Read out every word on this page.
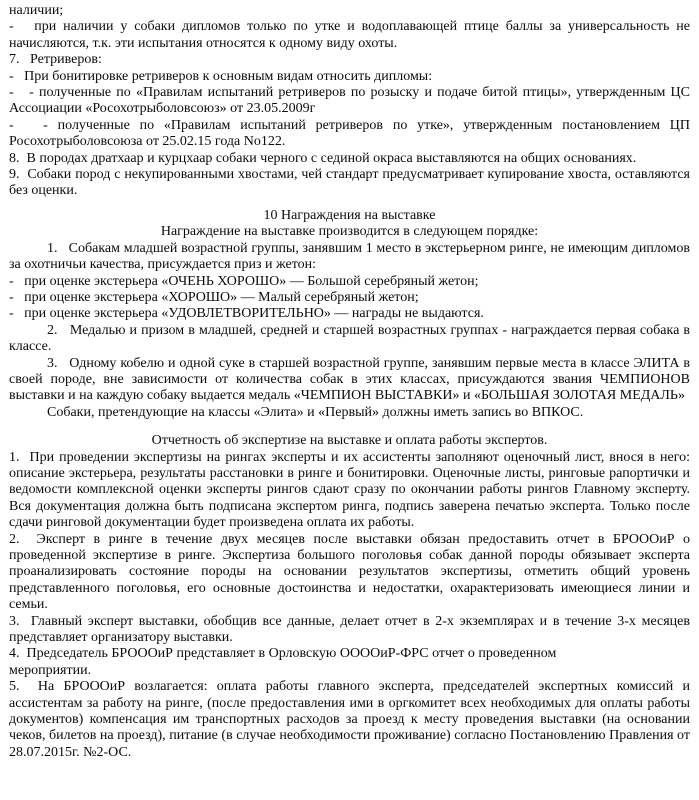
наличии;
-   при наличии у собаки дипломов только по утке и водоплавающей птице баллы за универсальность не начисляются, т.к. эти испытания относятся к одному виду охоты.
7.   Ретриверов:
-   При бонитировке ретриверов к основным видам относить дипломы:
-   - полученные по «Правилам испытаний ретриверов по розыску и подаче битой птицы», утвержденным ЦС Ассоциации «Росохотрыболовсоюз» от 23.05.2009г
-   - полученные по «Правилам испытаний ретриверов по утке», утвержденным постановлением ЦП Росохотрыболовсоюза от 25.02.15 года No122.
8.  В породах дратхаар и курцхаар собаки черного с сединой окраса выставляются на общих основаниях.
9.  Собаки пород с некупированными хвостами, чей стандарт предусматривает купирование хвоста, оставляются без оценки.
10 Награждения на выставке
Награждение на выставке производится в следующем порядке:
1.   Собакам младшей возрастной группы, занявшим 1 место в экстерьерном ринге, не имеющим дипломов за охотничьи качества, присуждается приз и жетон:
-   при оценке экстерьера «ОЧЕНЬ ХОРОШО» — Большой серебряный жетон;
-   при оценке экстерьера «ХОРОШО» — Малый серебряный жетон;
-   при оценке экстерьера «УДОВЛЕТВОРИТЕЛЬНО» — награды не выдаются.
2.   Медалью и призом в младшей, средней и старшей возрастных группах - награждается первая собака в классе.
3.   Одному кобелю и одной суке в старшей возрастной группе, занявшим первые места в классе ЭЛИТА в своей породе, вне зависимости от количества собак в этих классах, присуждаются звания ЧЕМПИОНОВ выставки и на каждую собаку выдается медаль «ЧЕМПИОН ВЫСТАВКИ» и «БОЛЬШАЯ ЗОЛОТАЯ МЕДАЛЬ»
Собаки, претендующие на классы «Элита» и «Первый» должны иметь запись во ВПКОС.
Отчетность об экспертизе на выставке и оплата работы экспертов.
1.  При проведении экспертизы на рингах эксперты и их ассистенты заполняют оценочный лист, внося в него: описание экстерьера, результаты расстановки в ринге и бонитировки. Оценочные листы, ринговые рапортички и ведомости комплексной оценки эксперты рингов сдают сразу по окончании работы рингов Главному эксперту. Вся документация должна быть подписана экспертом ринга, подпись заверена печатью эксперта. Только после сдачи ринговой документации будет произведена оплата их работы.
2.  Эксперт в ринге в течение двух месяцев после выставки обязан предоставить отчет в БРОООиР о проведенной экспертизе в ринге. Экспертиза большого поголовья собак данной породы обязывает эксперта проанализировать состояние породы на основании результатов экспертизы, отметить общий уровень представленного поголовья, его основные достоинства и недостатки, охарактеризовать имеющиеся линии и семьи.
3.  Главный эксперт выставки, обобщив все данные, делает отчет в 2-х экземплярах и в течение 3-х месяцев представляет организатору выставки.
4.  Председатель БРОООиР представляет в Орловскую ООООиР-ФРС отчет о проведенном
мероприятии.
5.  На БРОООиР возлагается: оплата работы главного эксперта, председателей экспертных комиссий и ассистентам за работу на ринге, (после предоставления ими в оргкомитет всех необходимых для оплаты работы документов) компенсация им транспортных расходов за проезд к месту проведения выставки (на основании чеков, билетов на проезд), питание (в случае необходимости проживание) согласно Постановлению Правления от 28.07.2015г. №2-ОС.
